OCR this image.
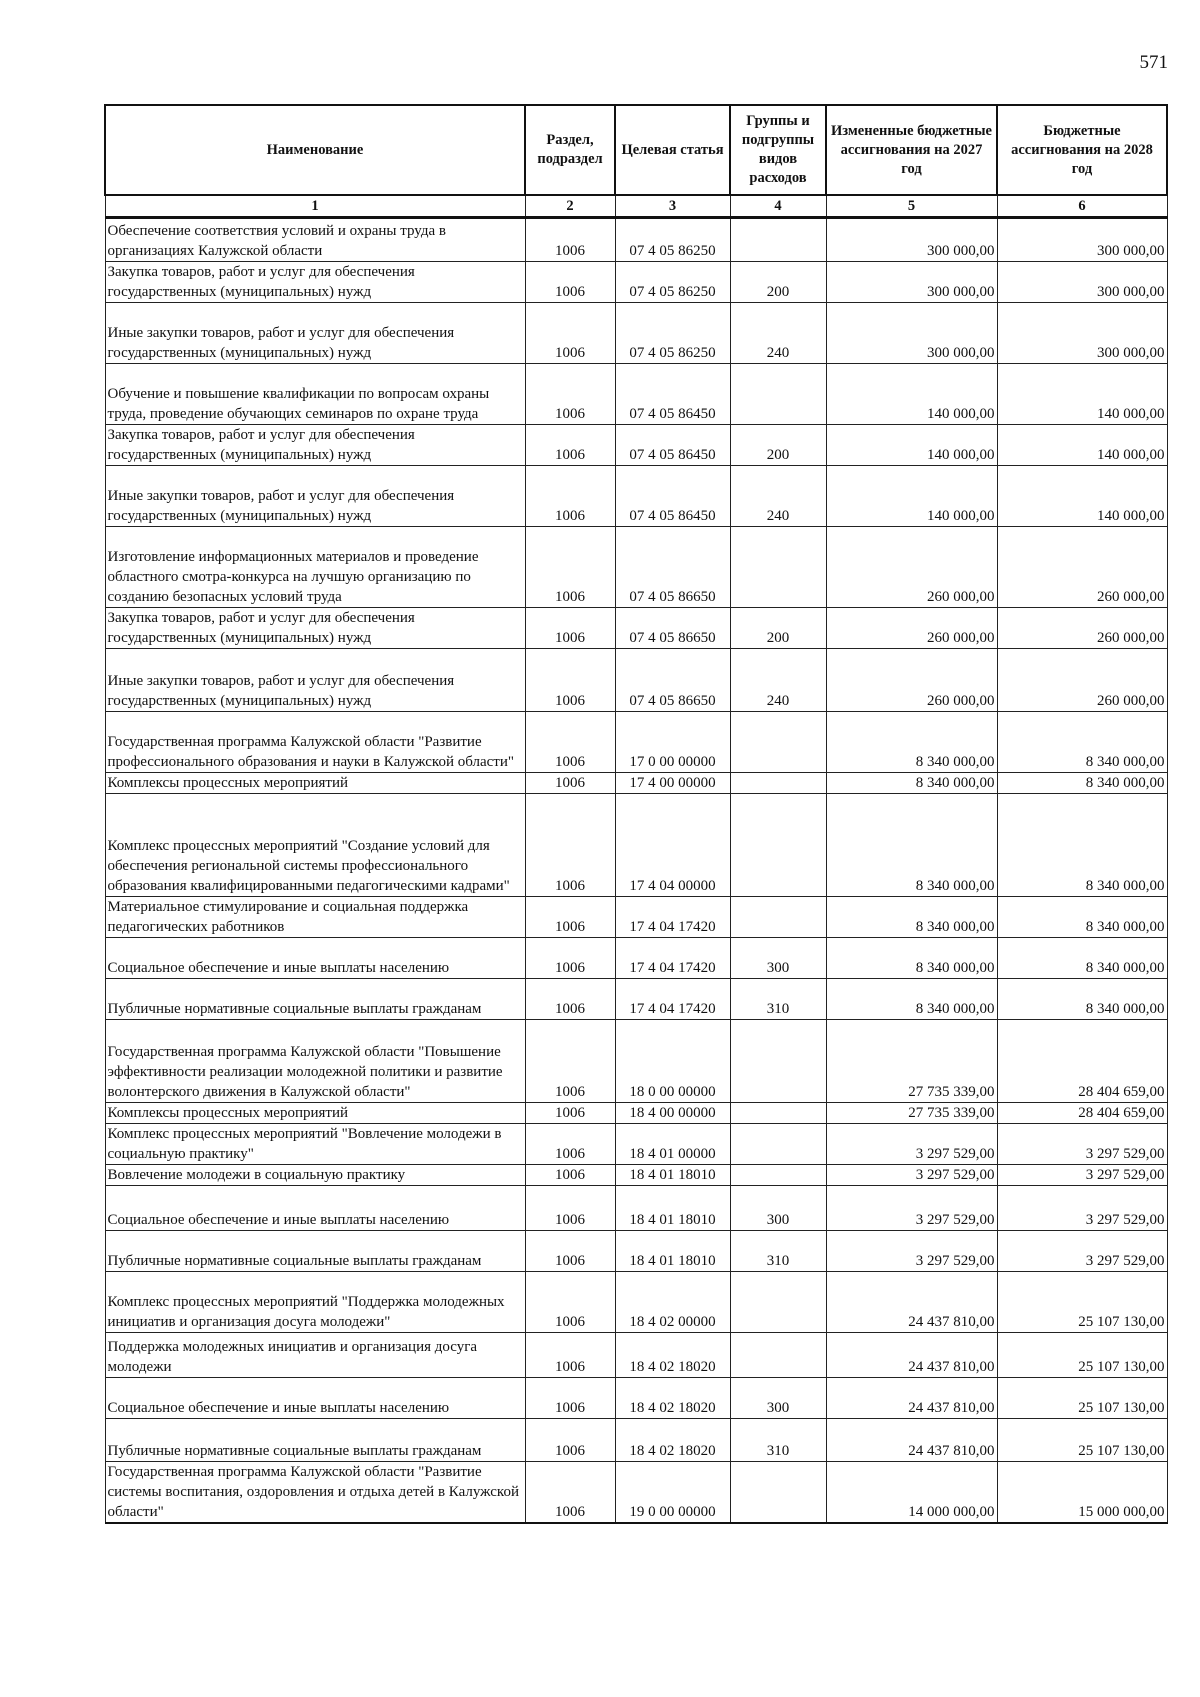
571
Наименование	Раздел, подраздел	Целевая статья	Группы и подгруппы видов расходов	Измененные бюджетные ассигнования на 2027 год	Бюджетные ассигнования на 2028 год
1	2	3	4	5	6
Обеспечение соответствия условий и охраны труда в организациях Калужской области	1006	07 4 05 86250		300 000,00	300 000,00
Закупка товаров, работ и услуг для обеспечения государственных (муниципальных) нужд	1006	07 4 05 86250	200	300 000,00	300 000,00
Иные закупки товаров, работ и услуг для обеспечения государственных (муниципальных) нужд	1006	07 4 05 86250	240	300 000,00	300 000,00
Обучение и повышение квалификации по вопросам охраны труда, проведение обучающих семинаров по охране труда	1006	07 4 05 86450		140 000,00	140 000,00
Закупка товаров, работ и услуг для обеспечения государственных (муниципальных) нужд	1006	07 4 05 86450	200	140 000,00	140 000,00
Иные закупки товаров, работ и услуг для обеспечения государственных (муниципальных) нужд	1006	07 4 05 86450	240	140 000,00	140 000,00
Изготовление информационных материалов и проведение областного смотра-конкурса на лучшую организацию по созданию безопасных условий труда	1006	07 4 05 86650		260 000,00	260 000,00
Закупка товаров, работ и услуг для обеспечения государственных (муниципальных) нужд	1006	07 4 05 86650	200	260 000,00	260 000,00
Иные закупки товаров, работ и услуг для обеспечения государственных (муниципальных) нужд	1006	07 4 05 86650	240	260 000,00	260 000,00
Государственная программа Калужской области "Развитие профессионального образования и науки в Калужской области"	1006	17 0 00 00000		8 340 000,00	8 340 000,00
Комплексы процессных мероприятий	1006	17 4 00 00000		8 340 000,00	8 340 000,00
Комплекс процессных мероприятий "Создание условий для обеспечения региональной системы профессионального образования квалифицированными педагогическими кадрами"	1006	17 4 04 00000		8 340 000,00	8 340 000,00
Материальное стимулирование и социальная поддержка педагогических работников	1006	17 4 04 17420		8 340 000,00	8 340 000,00
Социальное обеспечение и иные выплаты населению	1006	17 4 04 17420	300	8 340 000,00	8 340 000,00
Публичные нормативные социальные выплаты гражданам	1006	17 4 04 17420	310	8 340 000,00	8 340 000,00
Государственная программа Калужской области "Повышение эффективности реализации молодежной политики и развитие волонтерского движения в Калужской области"	1006	18 0 00 00000		27 735 339,00	28 404 659,00
Комплексы процессных мероприятий	1006	18 4 00 00000		27 735 339,00	28 404 659,00
Комплекс процессных мероприятий "Вовлечение молодежи в социальную практику"	1006	18 4 01 00000		3 297 529,00	3 297 529,00
Вовлечение молодежи в социальную практику	1006	18 4 01 18010		3 297 529,00	3 297 529,00
Социальное обеспечение и иные выплаты населению	1006	18 4 01 18010	300	3 297 529,00	3 297 529,00
Публичные нормативные социальные выплаты гражданам	1006	18 4 01 18010	310	3 297 529,00	3 297 529,00
Комплекс процессных мероприятий "Поддержка молодежных инициатив и организация досуга молодежи"	1006	18 4 02 00000		24 437 810,00	25 107 130,00
Поддержка молодежных инициатив и организация досуга молодежи	1006	18 4 02 18020		24 437 810,00	25 107 130,00
Социальное обеспечение и иные выплаты населению	1006	18 4 02 18020	300	24 437 810,00	25 107 130,00
Публичные нормативные социальные выплаты гражданам	1006	18 4 02 18020	310	24 437 810,00	25 107 130,00
Государственная программа Калужской области "Развитие системы воспитания, оздоровления и отдыха детей в Калужской области"	1006	19 0 00 00000		14 000 000,00	15 000 000,00
